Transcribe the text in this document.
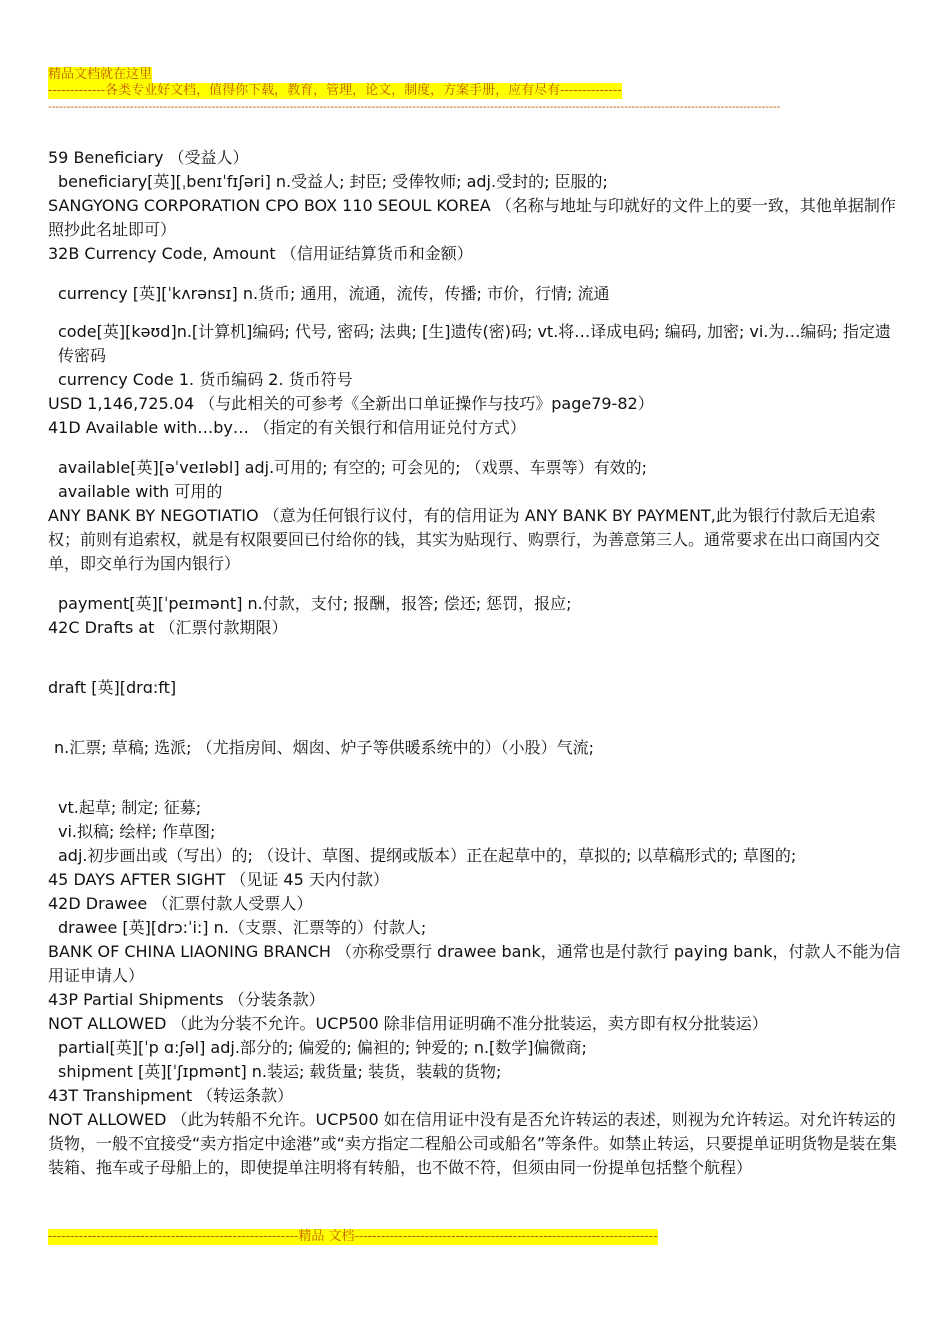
精品文档就在这里
-------------各类专业好文档，值得你下载，教育，管理，论文，制度，方案手册，应有尽有--------------
-----------------------------------------------------------------------------------------------------------------------------------------------------------------------------------------------------

59 Beneficiary （受益人）

beneficiary[英][ˌbenɪˈfɪʃəri] n.受益人; 封臣; 受俸牧师; adj.受封的; 臣服的;

SANGYONG CORPORATION CPO BOX 110 SEOUL KOREA （名称与地址与印就好的文件上的要一致，其他单据制作照抄此名址即可）

32B Currency Code, Amount （信用证结算货币和金额）

currency [英][ˈkʌrənsɪ] n.货币; 通用，流通，流传，传播; 市价，行情; 流通

code[英][kəʊd]n.[计算机]编码; 代号, 密码; 法典; [生]遗传(密)码; vt.将…译成电码; 编码, 加密; vi.为…编码; 指定遗传密码

currency Code 1. 货币编码 2. 货币符号

USD 1,146,725.04 （与此相关的可参考《全新出口单证操作与技巧》page79-82）

41D Available with…by… （指定的有关银行和信用证兑付方式）

available[英][əˈveɪləbl] adj.可用的; 有空的; 可会见的; （戏票、车票等）有效的;

available with 可用的

ANY BANK BY NEGOTIATIO （意为任何银行议付，有的信用证为 ANY BANK BY PAYMENT,此为银行付款后无追索权；前则有追索权，就是有权限要回已付给你的钱，其实为贴现行、购票行，为善意第三人。通常要求在出口商国内交单，即交单行为国内银行）

payment[英][ˈpeɪmənt] n.付款，支付; 报酬，报答; 偿还; 惩罚，报应;

42C Drafts at （汇票付款期限）

draft [英][drɑ:ft]

n.汇票; 草稿; 选派; （尤指房间、烟囱、炉子等供暖系统中的）（小股）气流;

vt.起草; 制定; 征募;

vi.拟稿; 绘样; 作草图;

adj.初步画出或（写出）的; （设计、草图、提纲或版本）正在起草中的，草拟的; 以草稿形式的; 草图的;

45 DAYS AFTER SIGHT （见证 45 天内付款）

42D Drawee （汇票付款人受票人）

drawee [英][drɔ:ˈi:] n.（支票、汇票等的）付款人;

BANK OF CHINA LIAONING BRANCH （亦称受票行 drawee bank，通常也是付款行 paying bank，付款人不能为信用证申请人）

43P Partial Shipments （分装条款）

NOT ALLOWED （此为分装不允许。UCP500 除非信用证明确不准分批装运，卖方即有权分批装运）

partial[英][ˈp ɑ:ʃəl] adj.部分的; 偏爱的; 偏袒的; 钟爱的; n.[数学]偏微商;

shipment [英][ˈʃɪpmənt] n.装运; 载货量; 装货，装载的货物;

43T Transhipment （转运条款）

NOT ALLOWED （此为转船不允许。UCP500 如在信用证中没有是否允许转运的表述，则视为允许转运。对允许转运的货物，一般不宜接受“卖方指定中途港”或“卖方指定二程船公司或船名”等条件。如禁止转运，只要提单证明货物是装在集装箱、拖车或子母船上的，即使提单注明将有转船，也不做不符，但须由同一份提单包括整个航程）

---------------------------------------------------------精品 文档---------------------------------------------------------------------
